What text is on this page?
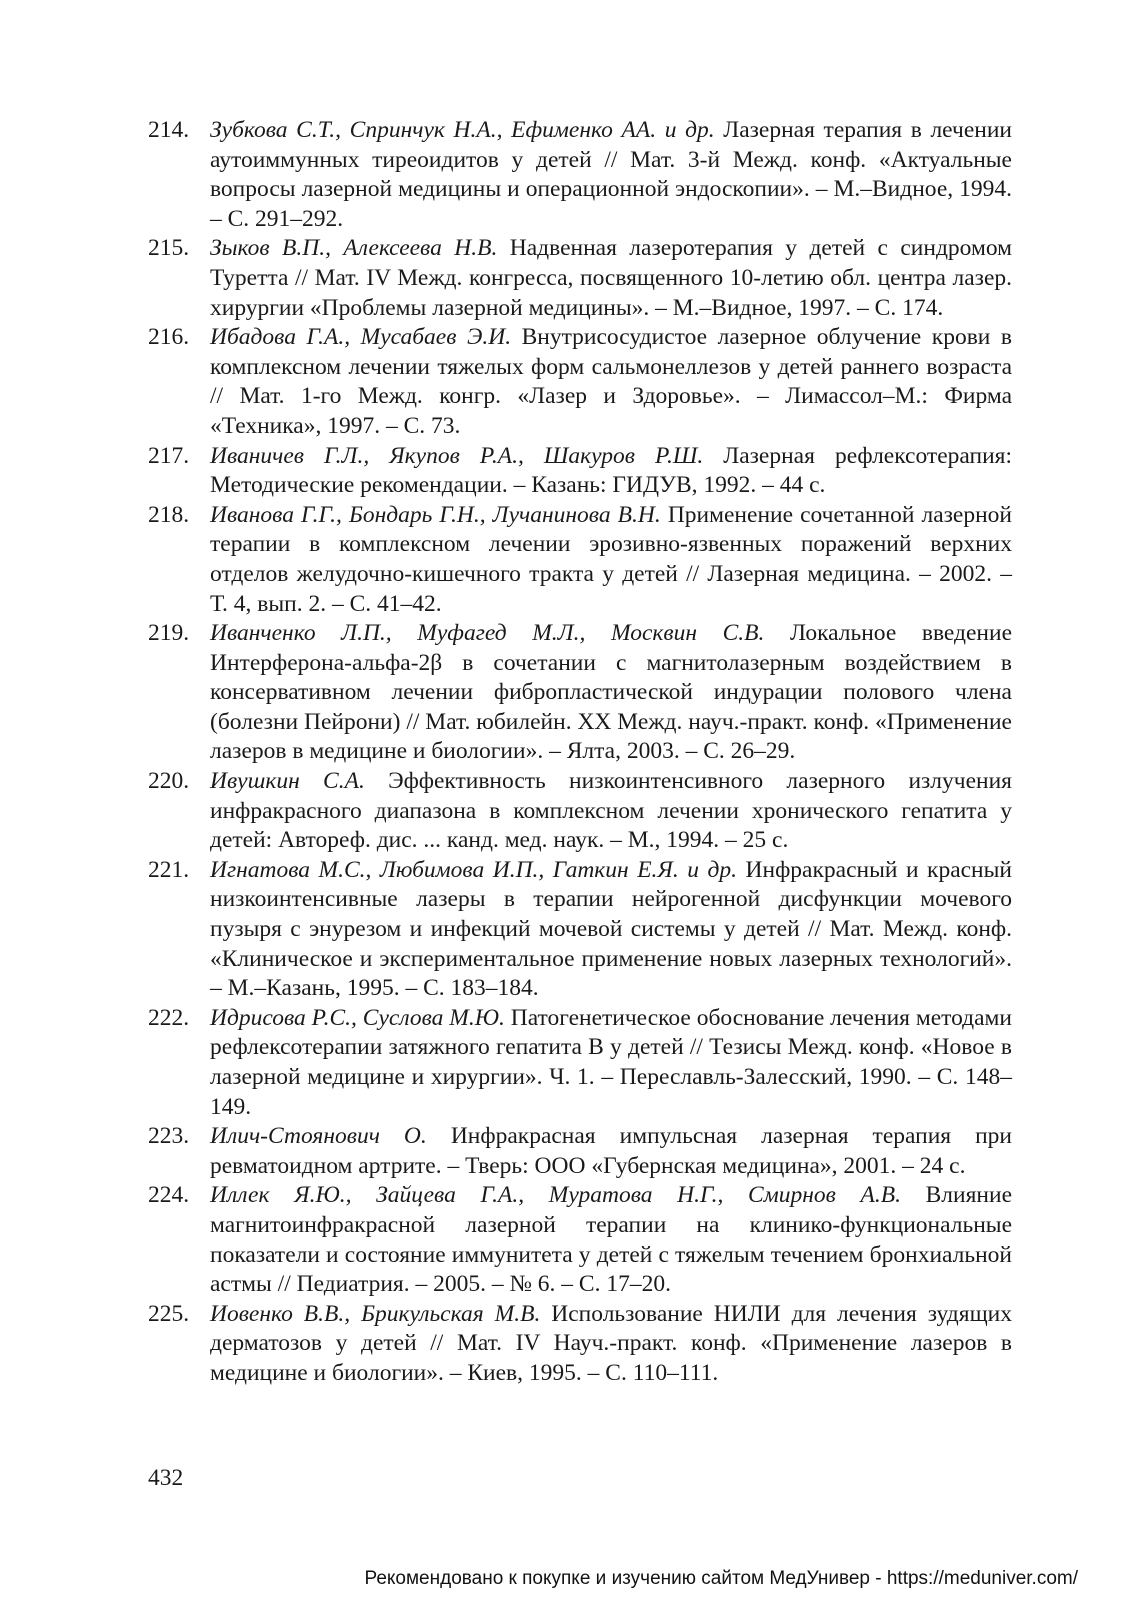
214. Зубкова С.Т., Спринчук Н.А., Ефименко АА. и др. Лазерная терапия в лечении аутоиммунных тиреоидитов у детей // Мат. 3-й Межд. конф. «Актуальные вопросы лазерной медицины и операционной эндоскопии». – М.–Видное, 1994. – С. 291–292.
215. Зыков В.П., Алексеева Н.В. Надвенная лазеротерапия у детей с синдромом Туретта // Мат. IV Межд. конгресса, посвященного 10-летию обл. центра лазер. хирургии «Проблемы лазерной медицины». – М.–Видное, 1997. – С. 174.
216. Ибадова Г.А., Мусабаев Э.И. Внутрисосудистое лазерное облучение крови в комплексном лечении тяжелых форм сальмонеллезов у детей раннего возраста // Мат. 1-го Межд. конгр. «Лазер и Здоровье». – Лимассол–М.: Фирма «Техника», 1997. – С. 73.
217. Иваничев Г.Л., Якупов Р.А., Шакуров Р.Ш. Лазерная рефлексотерапия: Методические рекомендации. – Казань: ГИДУВ, 1992. – 44 с.
218. Иванова Г.Г., Бондарь Г.Н., Лучанинова В.Н. Применение сочетанной лазерной терапии в комплексном лечении эрозивно-язвенных поражений верхних отделов желудочно-кишечного тракта у детей // Лазерная медицина. – 2002. – Т. 4, вып. 2. – С. 41–42.
219. Иванченко Л.П., Муфагед М.Л., Москвин С.В. Локальное введение Интерферона-альфа-2β в сочетании с магнитолазерным воздействием в консервативном лечении фибропластической индурации полового члена (болезни Пейрони) // Мат. юбилейн. XX Межд. науч.-практ. конф. «Применение лазеров в медицине и биологии». – Ялта, 2003. – С. 26–29.
220. Ивушкин С.А. Эффективность низкоинтенсивного лазерного излучения инфракрасного диапазона в комплексном лечении хронического гепатита у детей: Автореф. дис. ... канд. мед. наук. – М., 1994. – 25 с.
221. Игнатова М.С., Любимова И.П., Гаткин Е.Я. и др. Инфракрасный и красный низкоинтенсивные лазеры в терапии нейрогенной дисфункции мочевого пузыря с энурезом и инфекций мочевой системы у детей // Мат. Межд. конф. «Клиническое и экспериментальное применение новых лазерных технологий». – М.–Казань, 1995. – С. 183–184.
222. Идрисова Р.С., Суслова М.Ю. Патогенетическое обоснование лечения методами рефлексотерапии затяжного гепатита В у детей // Тезисы Межд. конф. «Новое в лазерной медицине и хирургии». Ч. 1. – Переславль-Залесский, 1990. – С. 148–149.
223. Илич-Стоянович О. Инфракрасная импульсная лазерная терапия при ревматоидном артрите. – Тверь: ООО «Губернская медицина», 2001. – 24 с.
224. Иллек Я.Ю., Зайцева Г.А., Муратова Н.Г., Смирнов А.В. Влияние магнитоинфракрасной лазерной терапии на клинико-функциональные показатели и состояние иммунитета у детей с тяжелым течением бронхиальной астмы // Педиатрия. – 2005. – № 6. – С. 17–20.
225. Иовенко В.В., Брикульская М.В. Использование НИЛИ для лечения зудящих дерматозов у детей // Мат. IV Науч.-практ. конф. «Применение лазеров в медицине и биологии». – Киев, 1995. – С. 110–111.
432
Рекомендовано к покупке и изучению сайтом МедУнивер - https://meduniver.com/
